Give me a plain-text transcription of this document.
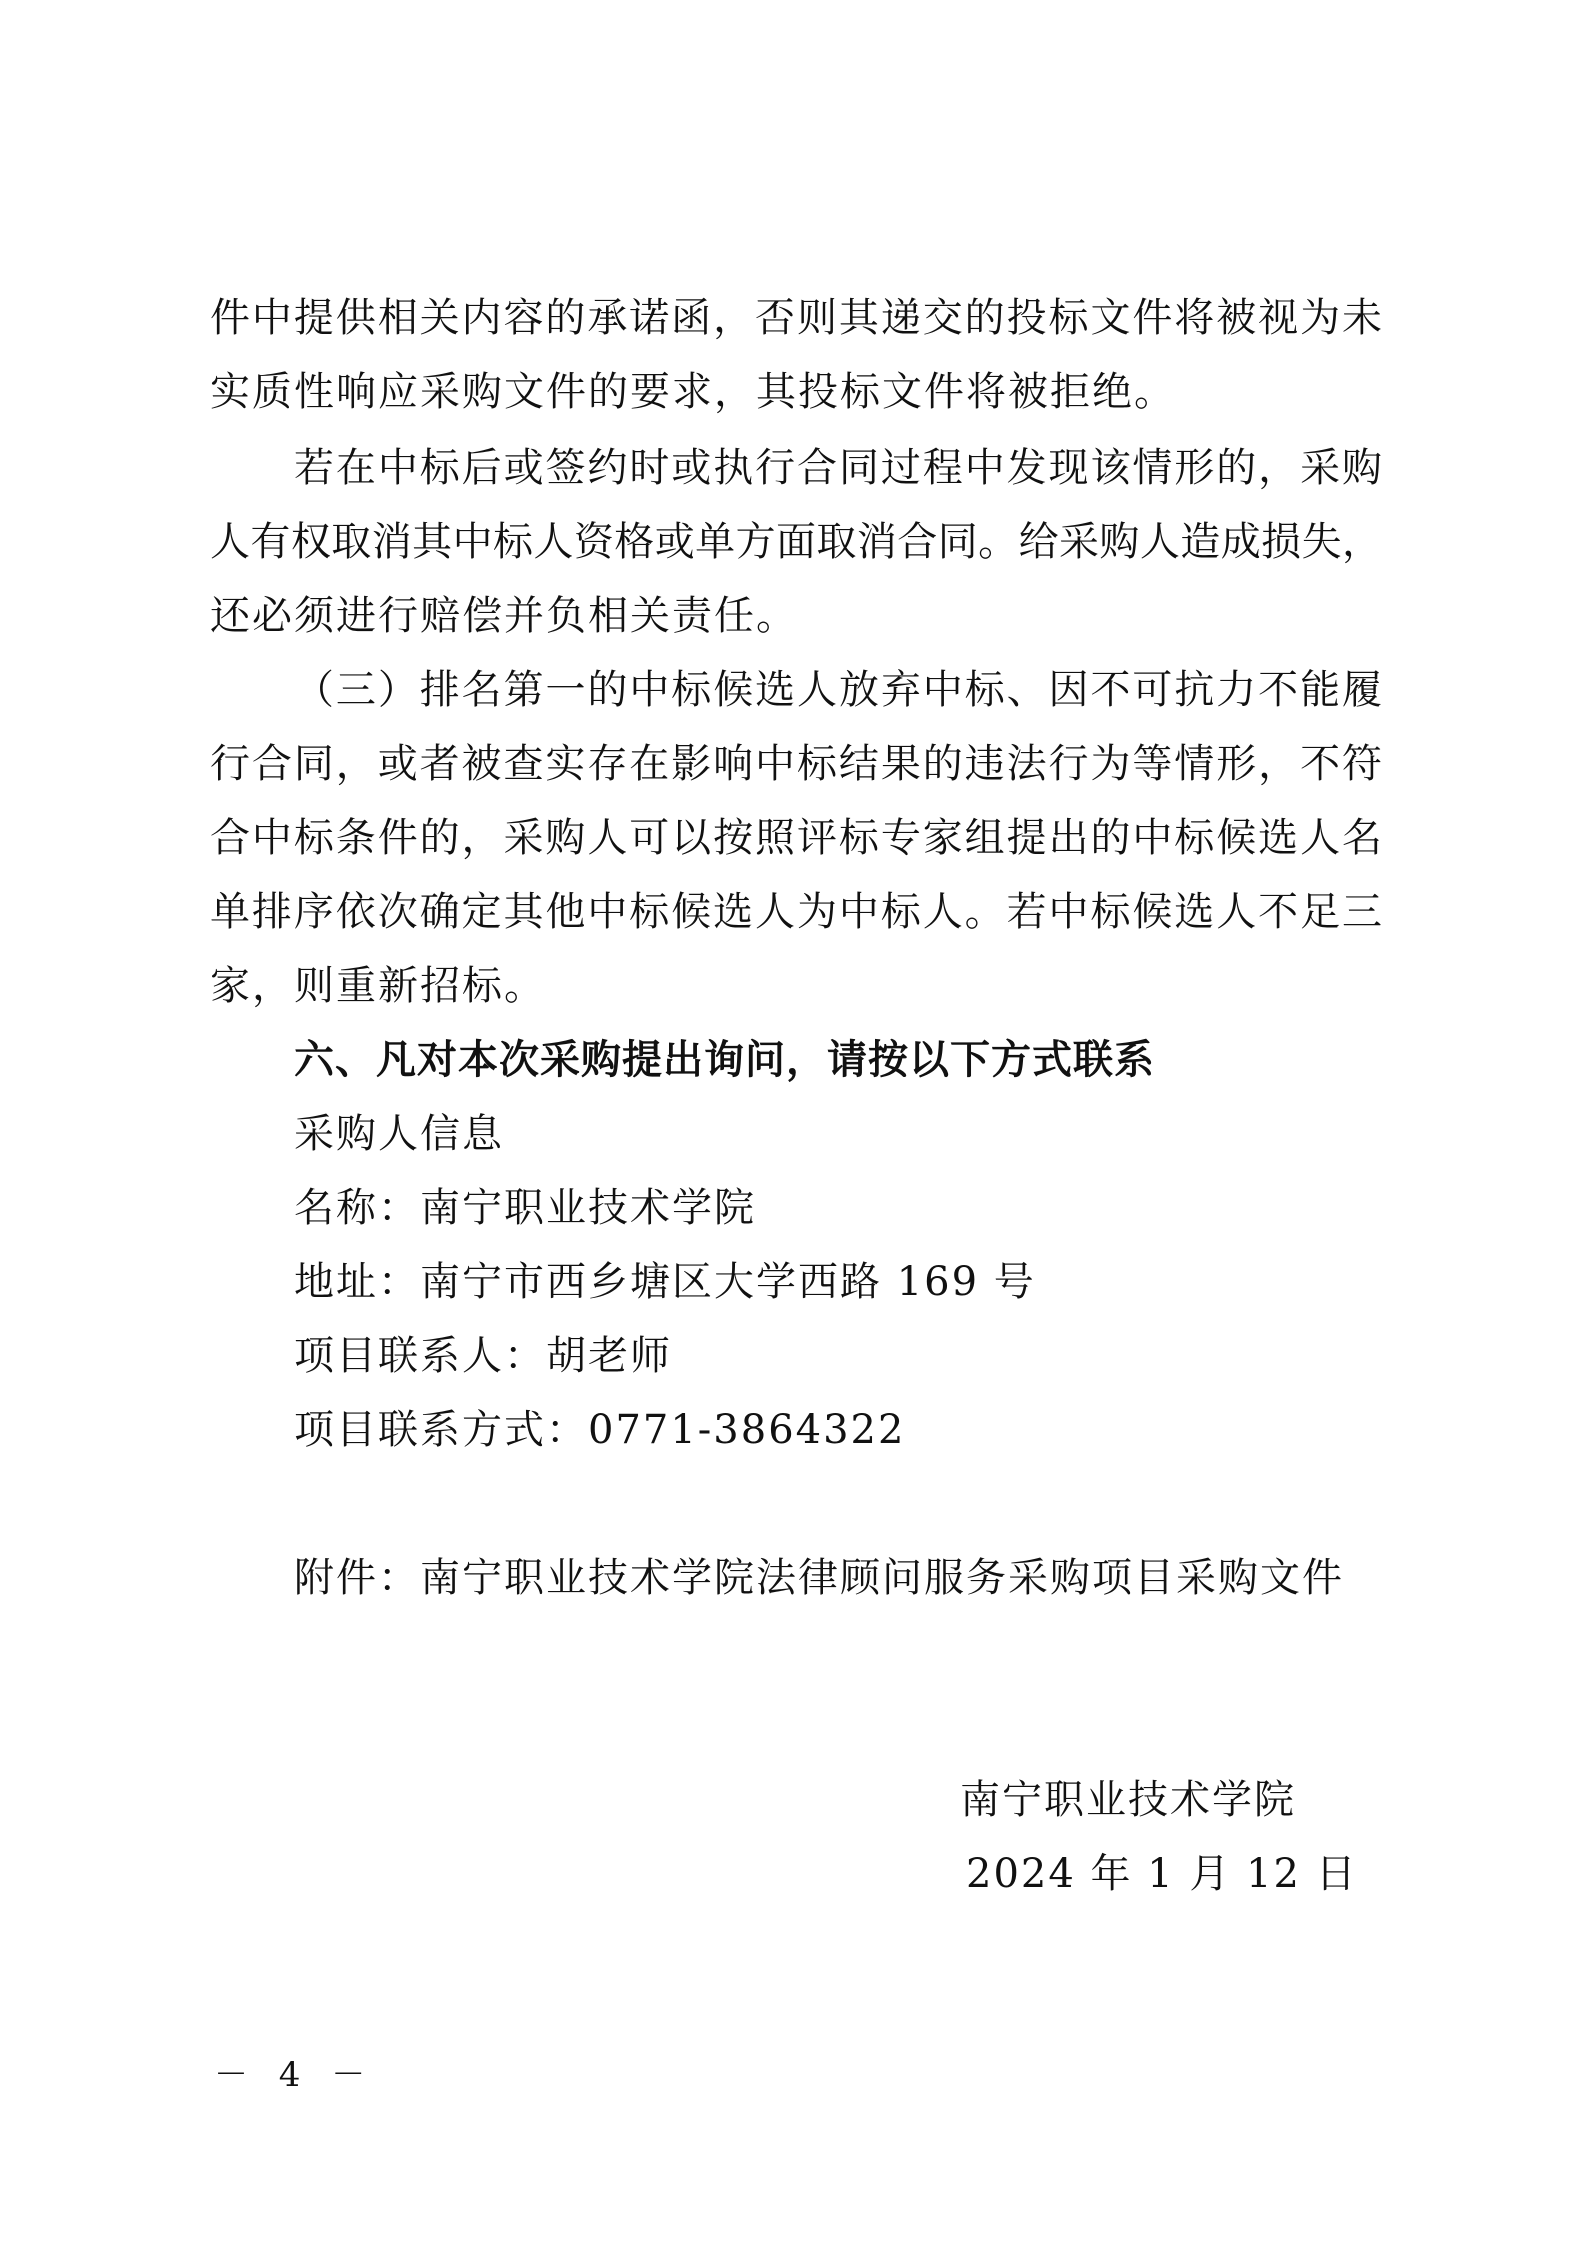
件中提供相关内容的承诺函，否则其递交的投标文件将被视为未
实质性响应采购文件的要求，其投标文件将被拒绝。
若在中标后或签约时或执行合同过程中发现该情形的，采购
人有权取消其中标人资格或单方面取消合同。给采购人造成损失，
还必须进行赔偿并负相关责任。
（三）排名第一的中标候选人放弃中标、因不可抗力不能履
行合同，或者被查实存在影响中标结果的违法行为等情形，不符
合中标条件的，采购人可以按照评标专家组提出的中标候选人名
单排序依次确定其他中标候选人为中标人。若中标候选人不足三
家，则重新招标。
六、凡对本次采购提出询问，请按以下方式联系
采购人信息
名称：南宁职业技术学院
地址：南宁市西乡塘区大学西路 169 号
项目联系人：胡老师
项目联系方式：0771-3864322
附件：南宁职业技术学院法律顾问服务采购项目采购文件
南宁职业技术学院
2024 年 1 月 12 日
－ 4 －
